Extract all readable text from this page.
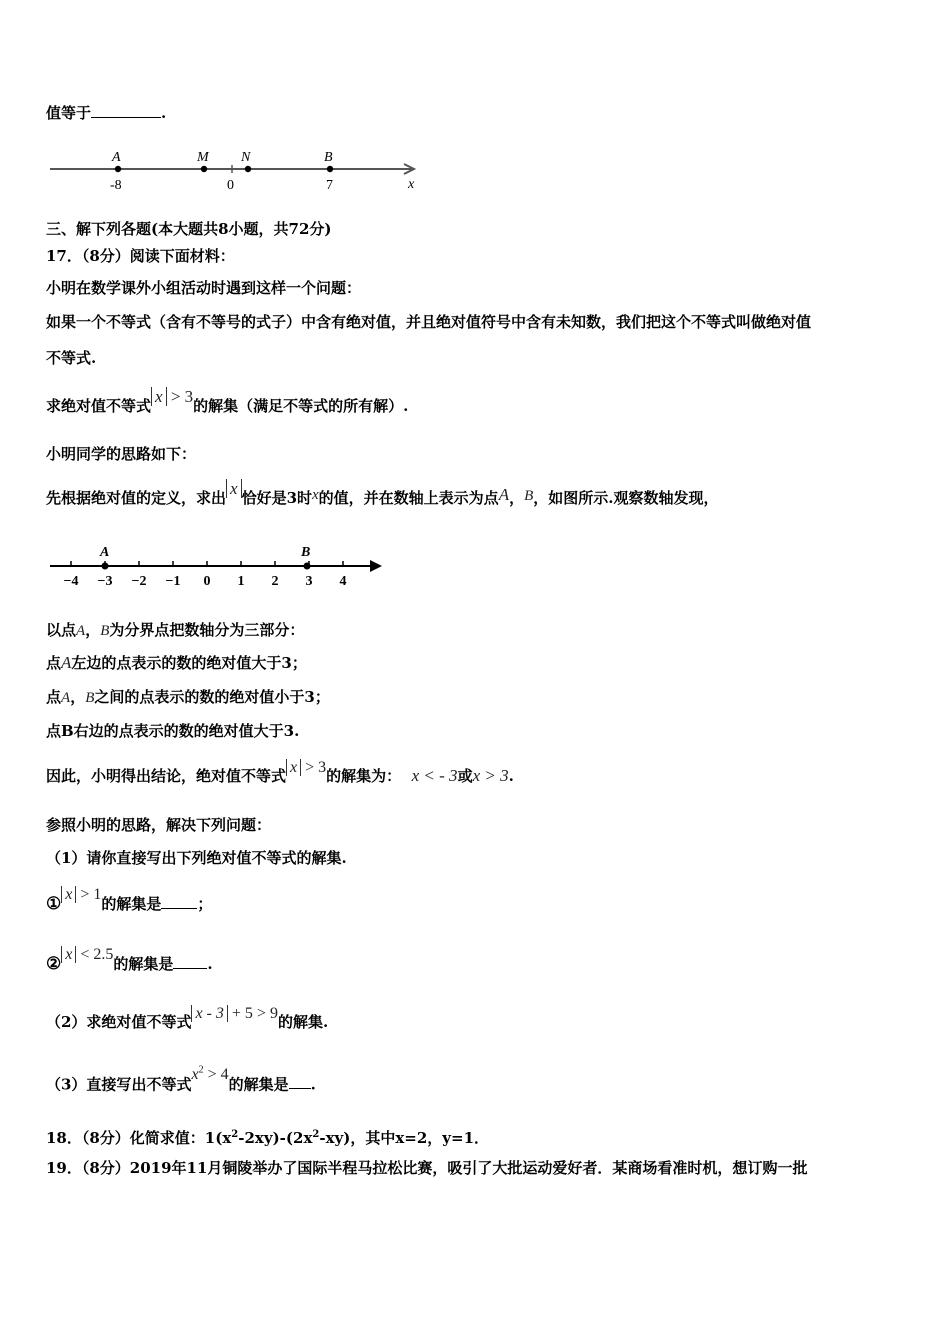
值等于	.
A	M N	B
-8	0	7	x
三、解下列各题(本大题共8小题，共72分)
17．（8分）阅读下面材料：
小明在数学课外小组活动时遇到这样一个问题：
如果一个不等式（含有不等号的式子）中含有绝对值，并且绝对值符号中含有未知数，我们把这个不等式叫做绝对值
不等式.
求绝对值不等式 x > 3的解集（满足不等式的所有解）.
小明同学的思路如下：
先根据绝对值的定义，求出 x 恰好是3时x的值，并在数轴上表示为点A，B，如图所示.观察数轴发现，
−4 −3 −2 −1 0 1 2 3 4
A	B
以点A，B为分界点把数轴分为三部分：
点A左边的点表示的数的绝对值大于3；
点A，B之间的点表示的数的绝对值小于3；
点B右边的点表示的数的绝对值大于3.
因此，小明得出结论，绝对值不等式 x > 3的解集为： x < - 3或x > 3.
参照小明的思路，解决下列问题：
（1）请你直接写出下列绝对值不等式的解集.
① x > 1的解集是 ；
② x < 2.5的解集是 .
（2）求绝对值不等式 x - 3 + 5 > 9的解集.
（3）直接写出不等式$x^2 > 4$的解集是 .
18．（8分）化简求值：$1(x^2-2xy)-(2x^2-xy)$，其中x=2，y=1．
19．（8分）2019年11月铜陵举办了国际半程马拉松比赛，吸引了大批运动爱好者．某商场看准时机，想订购一批
